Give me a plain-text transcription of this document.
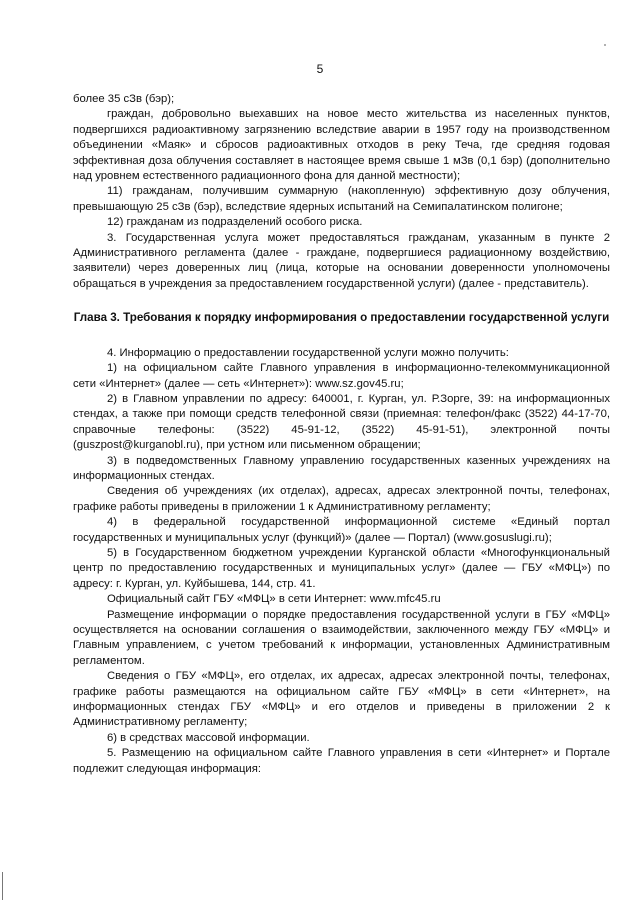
5

более 35 сЗв (бэр);

граждан, добровольно выехавших на новое место жительства из населенных пунктов, подвергшихся радиоактивному загрязнению вследствие аварии в 1957 году на производственном объединении «Маяк» и сбросов радиоактивных отходов в реку Теча, где средняя годовая эффективная доза облучения составляет в настоящее время свыше 1 мЗв (0,1 бэр) (дополнительно над уровнем естественного радиационного фона для данной местности);

11) гражданам, получившим суммарную (накопленную) эффективную дозу облучения, превышающую 25 сЗв (бэр), вследствие ядерных испытаний на Семипалатинском полигоне;

12) гражданам из подразделений особого риска.

3. Государственная услуга может предоставляться гражданам, указанным в пункте 2 Административного регламента (далее - граждане, подвергшиеся радиационному воздействию, заявители) через доверенных лиц (лица, которые на основании доверенности уполномочены обращаться в учреждения за предоставлением государственной услуги) (далее - представитель).

Глава 3. Требования к порядку информирования о предоставлении государственной услуги

4. Информацию о предоставлении государственной услуги можно получить:

1) на официальном сайте Главного управления в информационно-телекоммуникационной сети «Интернет» (далее — сеть «Интернет»): www.sz.gov45.ru;

2) в Главном управлении по адресу: 640001, г. Курган, ул. Р.Зорге, 39: на информационных стендах, а также при помощи средств телефонной связи (приемная: телефон/факс (3522) 44-17-70, справочные телефоны: (3522) 45-91-12, (3522) 45-91-51), электронной почты (guszpost@kurganobl.ru), при устном или письменном обращении;

3) в подведомственных Главному управлению государственных казенных учреждениях на информационных стендах.

Сведения об учреждениях (их отделах), адресах, адресах электронной почты, телефонах, графике работы приведены в приложении 1 к Административному регламенту;

4) в федеральной государственной информационной системе «Единый портал государственных и муниципальных услуг (функций)» (далее — Портал) (www.gosuslugi.ru);

5) в Государственном бюджетном учреждении Курганской области «Многофункциональный центр по предоставлению государственных и муниципальных услуг» (далее — ГБУ «МФЦ») по адресу: г. Курган, ул. Куйбышева, 144, стр. 41.

Официальный сайт ГБУ «МФЦ» в сети Интернет: www.mfc45.ru

Размещение информации о порядке предоставления государственной услуги в ГБУ «МФЦ» осуществляется на основании соглашения о взаимодействии, заключенного между ГБУ «МФЦ» и Главным управлением, с учетом требований к информации, установленных Административным регламентом.

Сведения о ГБУ «МФЦ», его отделах, их адресах, адресах электронной почты, телефонах, графике работы размещаются на официальном сайте ГБУ «МФЦ» в сети «Интернет», на информационных стендах ГБУ «МФЦ» и его отделов и приведены в приложении 2 к Административному регламенту;

6) в средствах массовой информации.

5. Размещению на официальном сайте Главного управления в сети «Интернет» и Портале подлежит следующая информация:
